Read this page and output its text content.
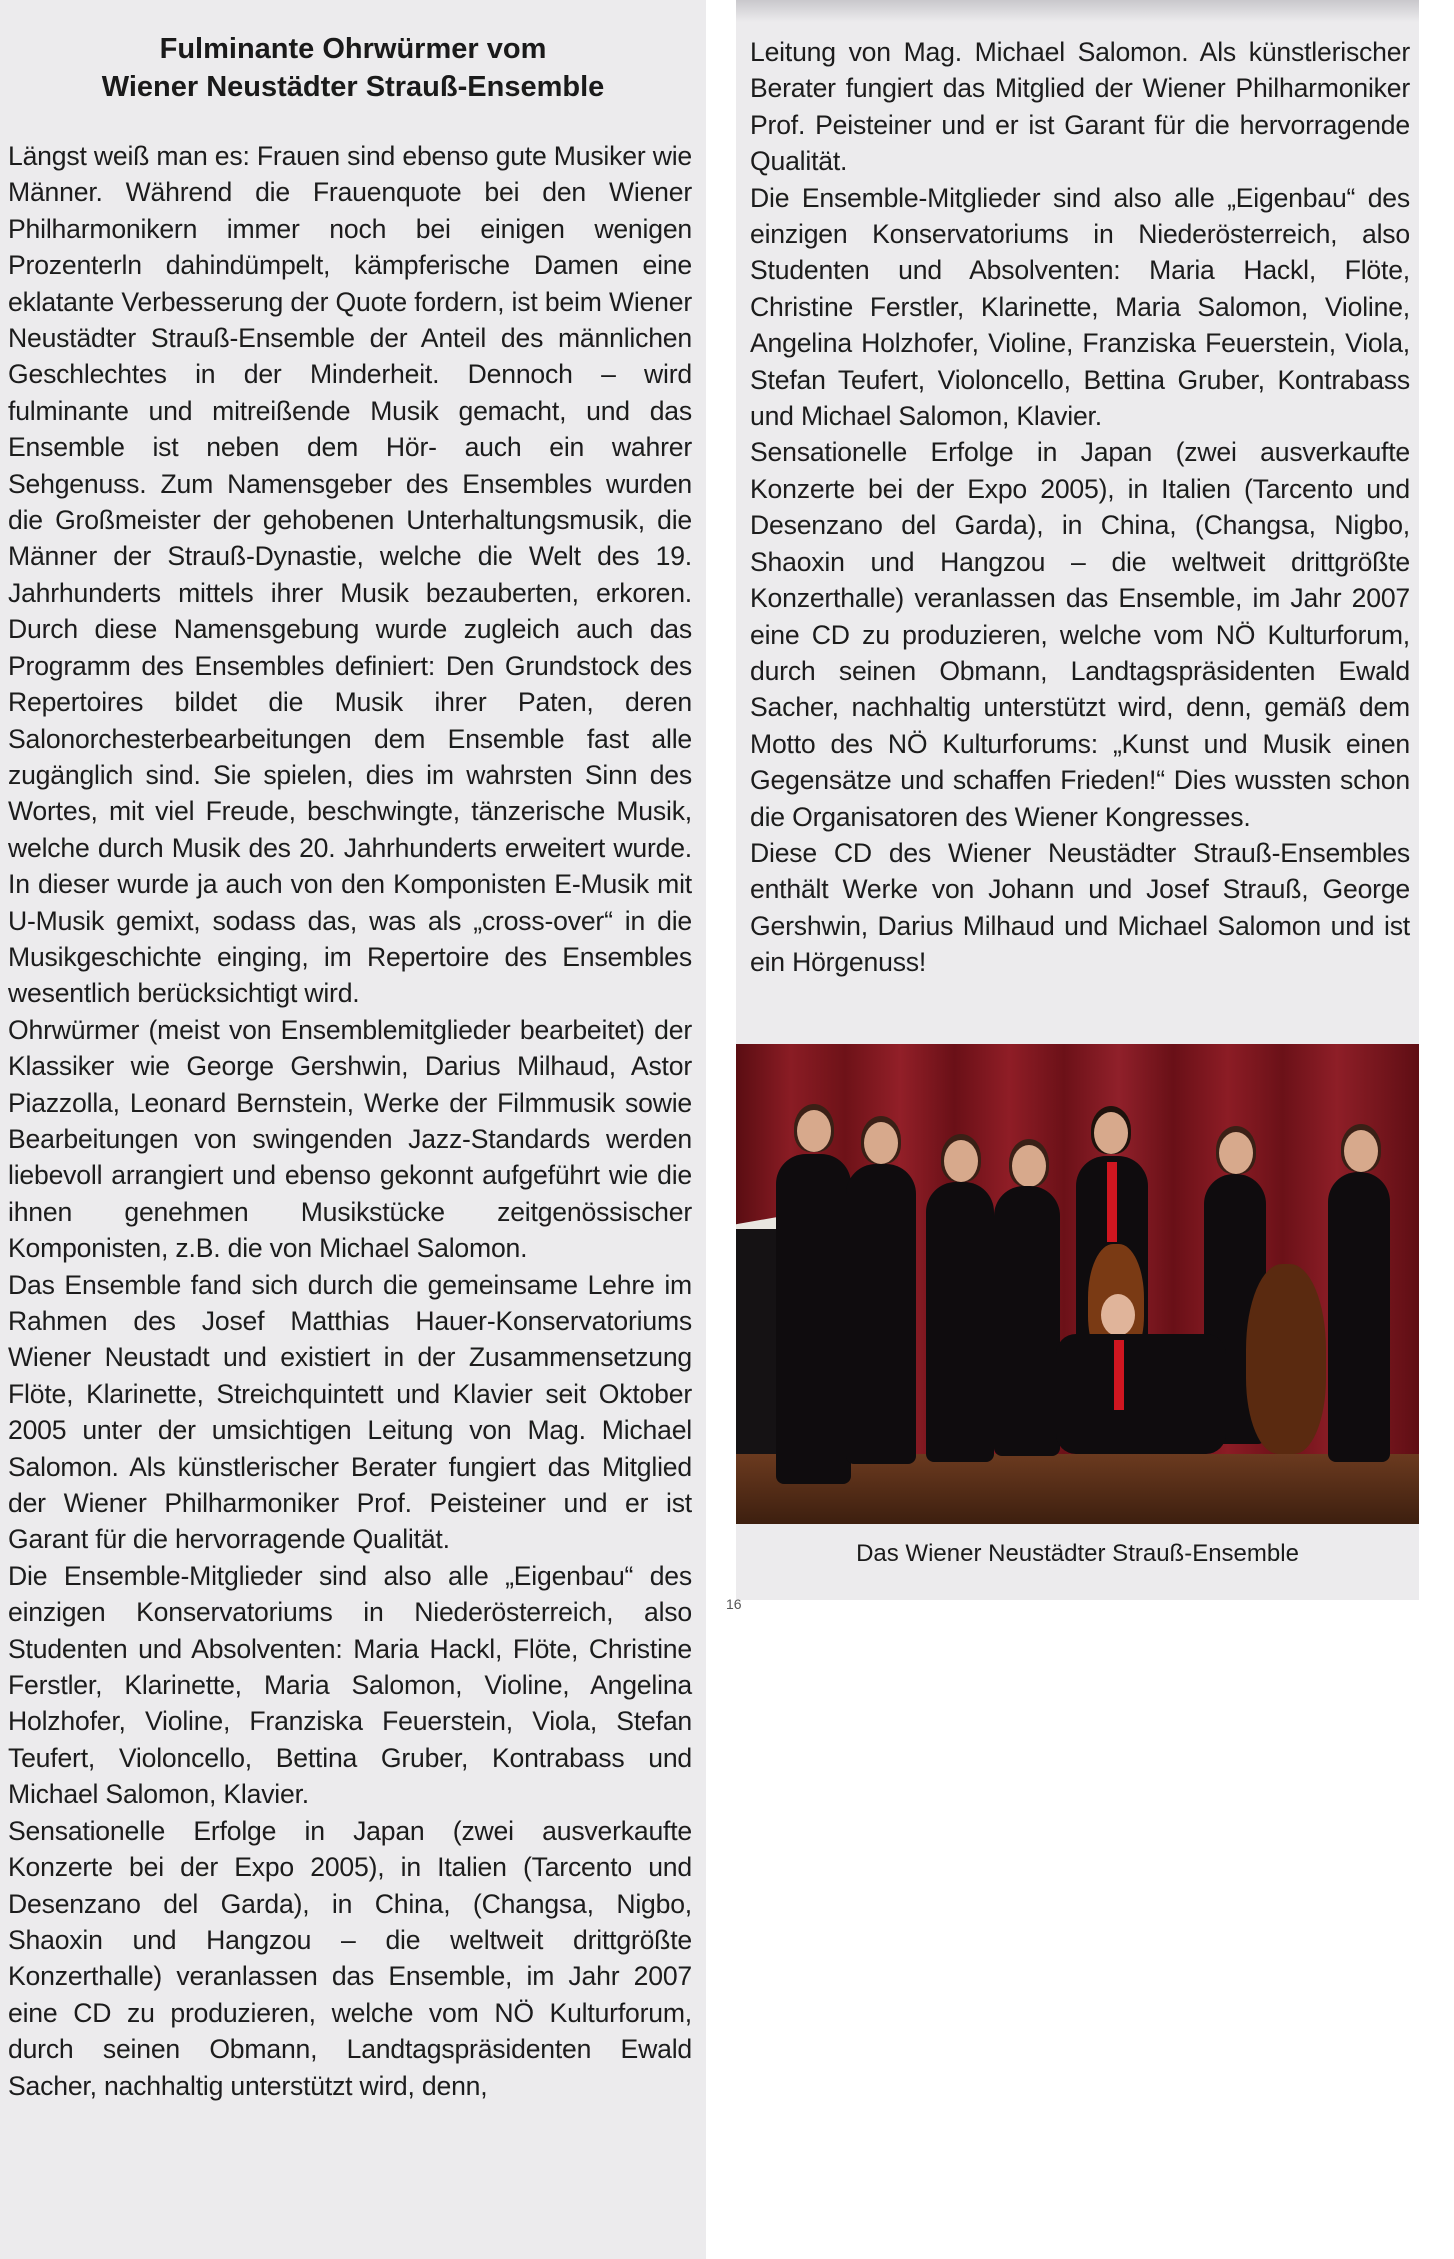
Fulminante Ohrwürmer vom
Wiener Neustädter Strauß-Ensemble

Längst weiß man es: Frauen sind ebenso gute Musiker wie Männer. Während die Frauenquote bei den Wiener Philharmonikern immer noch bei einigen wenigen Prozenterln dahindümpelt, kämpferische Damen eine eklatante Verbesserung der Quote fordern, ist beim Wiener Neustädter Strauß-Ensemble der Anteil des männlichen Geschlechtes in der Minderheit. Dennoch – wird fulminante und mitreißende Musik gemacht, und das Ensemble ist neben dem Hör- auch ein wahrer Sehgenuss. Zum Namensgeber des Ensembles wurden die Großmeister der gehobenen Unterhaltungsmusik, die Männer der Strauß-Dynastie, welche die Welt des 19. Jahrhunderts mittels ihrer Musik bezauberten, erkoren. Durch diese Namensgebung wurde zugleich auch das Programm des Ensembles definiert: Den Grundstock des Repertoires bildet die Musik ihrer Paten, deren Salonorchesterbearbeitungen dem Ensemble fast alle zugänglich sind. Sie spielen, dies im wahrsten Sinn des Wortes, mit viel Freude, beschwingte, tänzerische Musik, welche durch Musik des 20. Jahrhunderts erweitert wurde. In dieser wurde ja auch von den Komponisten E-Musik mit U-Musik gemixt, sodass das, was als „cross-over“ in die Musikgeschichte einging, im Repertoire des Ensembles wesentlich berücksichtigt wird.

Ohrwürmer (meist von Ensemblemitglieder bearbeitet) der Klassiker wie George Gershwin, Darius Milhaud, Astor Piazzolla, Leonard Bernstein, Werke der Filmmusik sowie Bearbeitungen von swingenden Jazz-Standards werden liebevoll arrangiert und ebenso gekonnt aufgeführt wie die ihnen genehmen Musikstücke zeitgenössischer Komponisten, z.B. die von Michael Salomon.

Das Ensemble fand sich durch die gemeinsame Lehre im Rahmen des Josef Matthias Hauer-Konservatoriums Wiener Neustadt und existiert in der Zusammensetzung Flöte, Klarinette, Streichquintett und Klavier seit Oktober 2005 unter der umsichtigen Leitung von Mag. Michael Salomon. Als künstlerischer Berater fungiert das Mitglied der Wiener Philharmoniker Prof. Peisteiner und er ist Garant für die hervorragende Qualität.

Die Ensemble-Mitglieder sind also alle „Eigenbau“ des einzigen Konservatoriums in Niederösterreich, also Studenten und Absolventen: Maria Hackl, Flöte, Christine Ferstler, Klarinette, Maria Salomon, Violine, Angelina Holzhofer, Violine, Franziska Feuerstein, Viola, Stefan Teufert, Violoncello, Bettina Gruber, Kontrabass und Michael Salomon, Klavier.

Sensationelle Erfolge in Japan (zwei ausverkaufte Konzerte bei der Expo 2005), in Italien (Tarcento und Desenzano del Garda), in China, (Changsa, Nigbo, Shaoxin und Hangzou – die weltweit drittgrößte Konzerthalle) veranlassen das Ensemble, im Jahr 2007 eine CD zu produzieren, welche vom NÖ Kulturforum, durch seinen Obmann, Landtagspräsidenten Ewald Sacher, nachhaltig unterstützt wird, denn,

Leitung von Mag. Michael Salomon. Als künstlerischer Berater fungiert das Mitglied der Wiener Philharmoniker Prof. Peisteiner und er ist Garant für die hervorragende Qualität.

Die Ensemble-Mitglieder sind also alle „Eigenbau“ des einzigen Konservatoriums in Niederösterreich, also Studenten und Absolventen: Maria Hackl, Flöte, Christine Ferstler, Klarinette, Maria Salomon, Violine, Angelina Holzhofer, Violine, Franziska Feuerstein, Viola, Stefan Teufert, Violoncello, Bettina Gruber, Kontrabass und Michael Salomon, Klavier.

Sensationelle Erfolge in Japan (zwei ausverkaufte Konzerte bei der Expo 2005), in Italien (Tarcento und Desenzano del Garda), in China, (Changsa, Nigbo, Shaoxin und Hangzou – die weltweit drittgrößte Konzerthalle) veranlassen das Ensemble, im Jahr 2007 eine CD zu produzieren, welche vom NÖ Kulturforum, durch seinen Obmann, Landtagspräsidenten Ewald Sacher, nachhaltig unterstützt wird, denn, gemäß dem Motto des NÖ Kulturforums: „Kunst und Musik einen Gegensätze und schaffen Frieden!“ Dies wussten schon die Organisatoren des Wiener Kongresses.

Diese CD des Wiener Neustädter Strauß-Ensembles enthält Werke von Johann und Josef Strauß, George Gershwin, Darius Milhaud und Michael Salomon und ist ein Hörgenuss!

Das Wiener Neustädter Strauß-Ensemble
16
